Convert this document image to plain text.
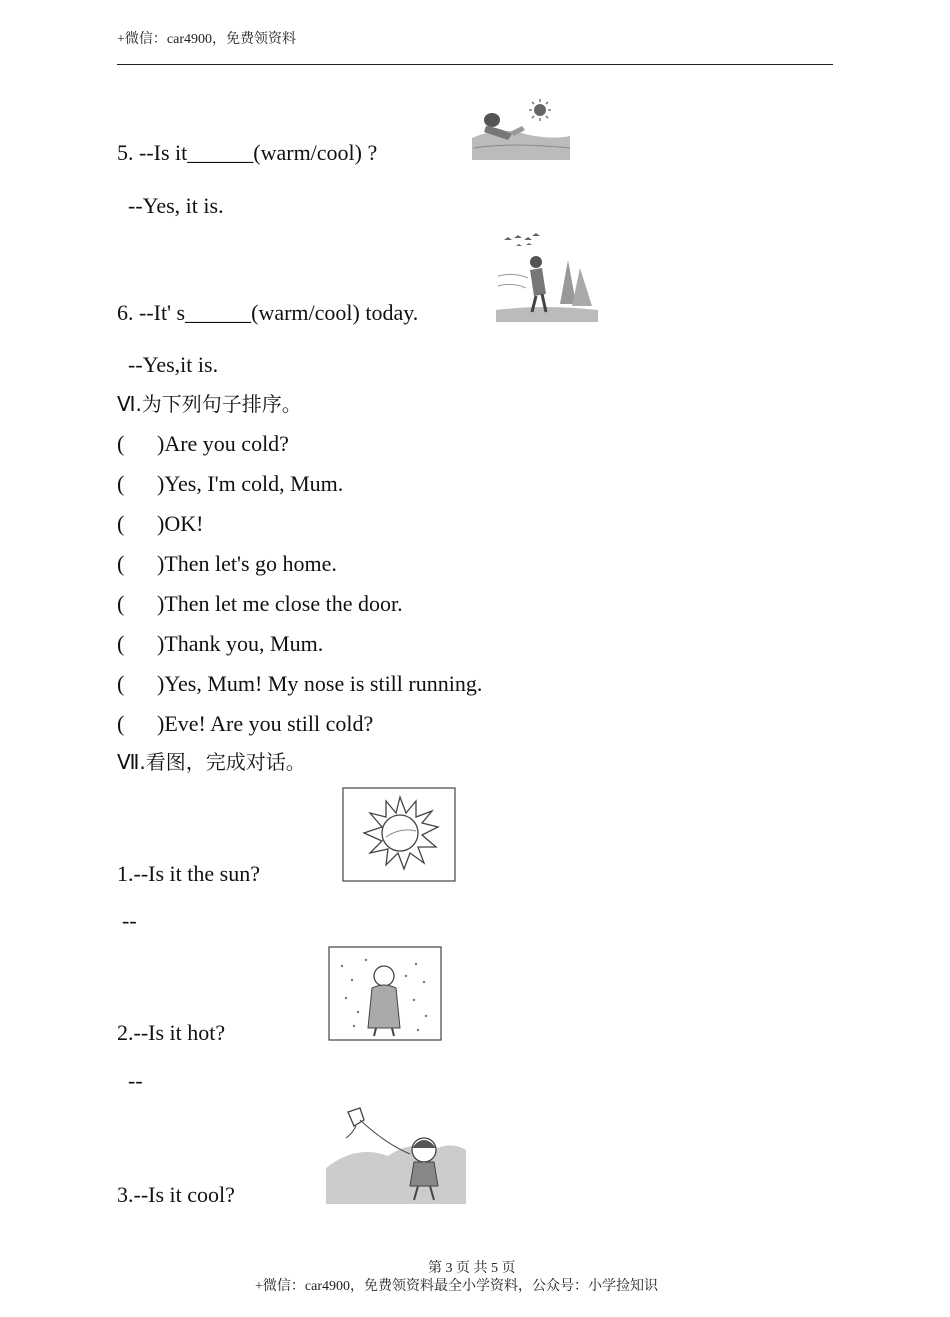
+微信：car4900，免费领资料
5. --Is it______(warm/cool) ?
--Yes, it is.
6. --It' s______(warm/cool) today.
--Yes,it is.
Ⅵ.为下列句子排序。
( )Are you cold?
( )Yes, I'm cold, Mum.
( )OK!
( )Then let's go home.
( )Then let me close the door.
( )Thank you, Mum.
( )Yes, Mum! My nose is still running.
( )Eve! Are you still cold?
Ⅶ.看图，完成对话。
1.--Is it the sun?
--
2.--Is it hot?
--
3.--Is it cool?
第 3 页 共 5 页
+微信：car4900，免费领资料最全小学资料，公众号：小学捡知识
